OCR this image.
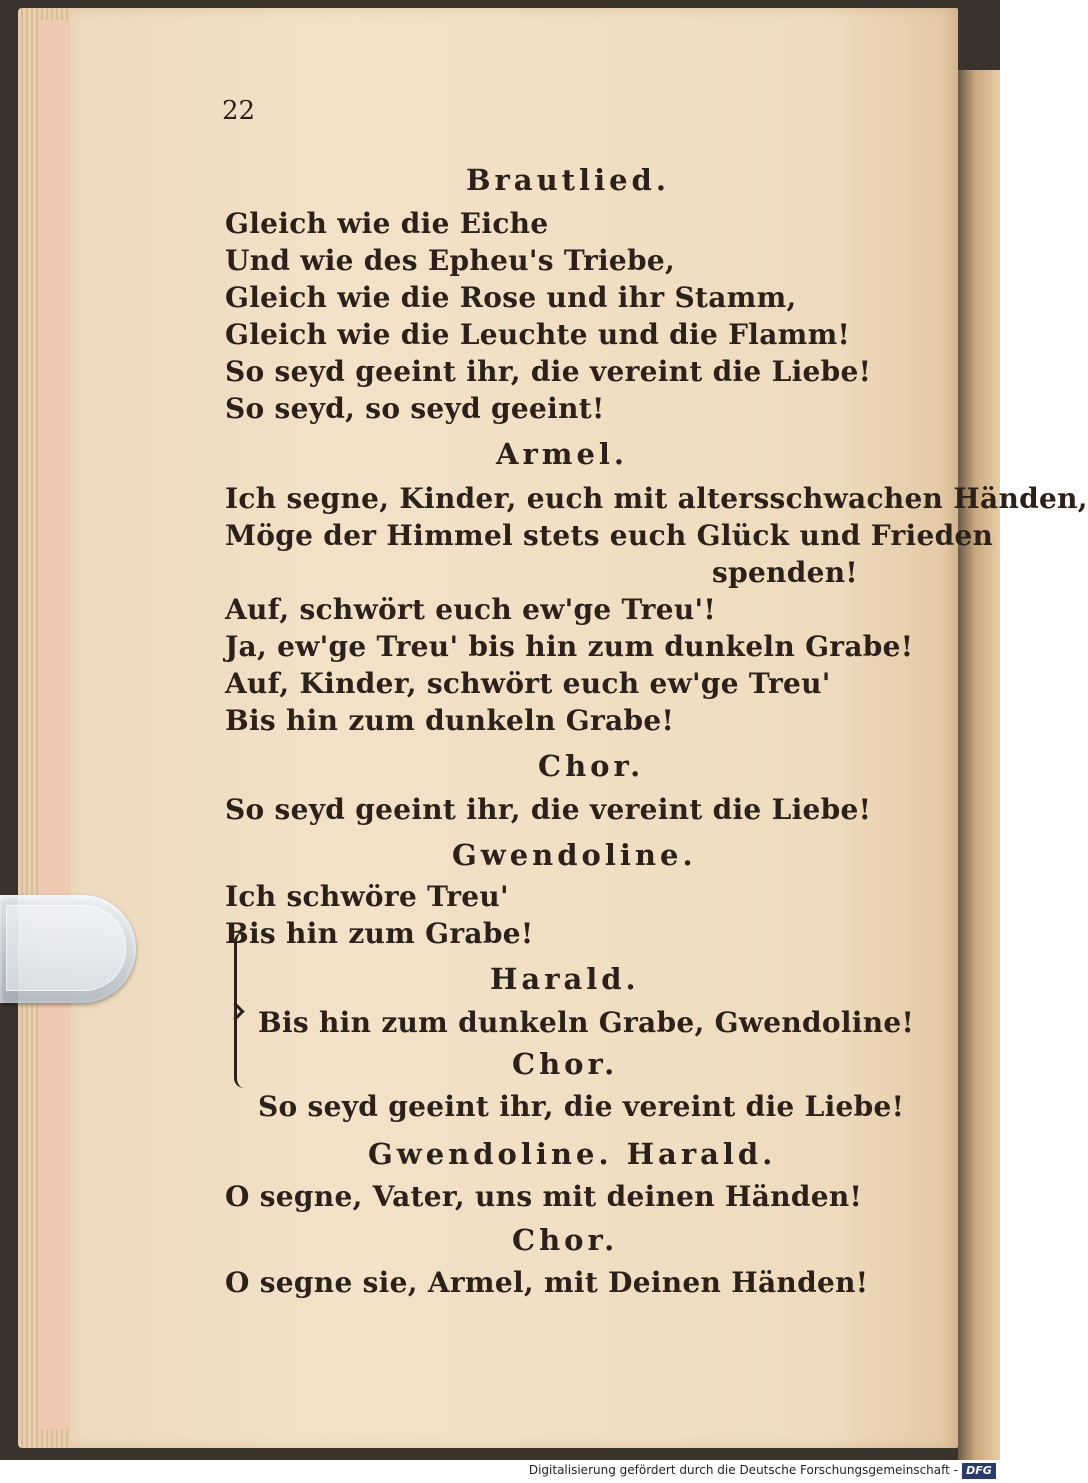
22
Brautlied.
Gleich wie die Eiche
Und wie des Epheu's Triebe,
Gleich wie die Rose und ihr Stamm,
Gleich wie die Leuchte und die Flamm!
So seyd geeint ihr, die vereint die Liebe!
So seyd, so seyd geeint!
Armel.
Ich segne, Kinder, euch mit altersschwachen Händen,
Möge der Himmel stets euch Glück und Frieden
spenden!
Auf, schwört euch ew'ge Treu'!
Ja, ew'ge Treu' bis hin zum dunkeln Grabe!
Auf, Kinder, schwört euch ew'ge Treu'
Bis hin zum dunkeln Grabe!
Chor.
So seyd geeint ihr, die vereint die Liebe!
Gwendoline.
Ich schwöre Treu'
Bis hin zum Grabe!
Harald.
Bis hin zum dunkeln Grabe, Gwendoline!
Chor.
So seyd geeint ihr, die vereint die Liebe!
Gwendoline. Harald.
O segne, Vater, uns mit deinen Händen!
Chor.
O segne sie, Armel, mit Deinen Händen!
Digitalisierung gefördert durch die Deutsche Forschungsgemeinschaft - DFG
